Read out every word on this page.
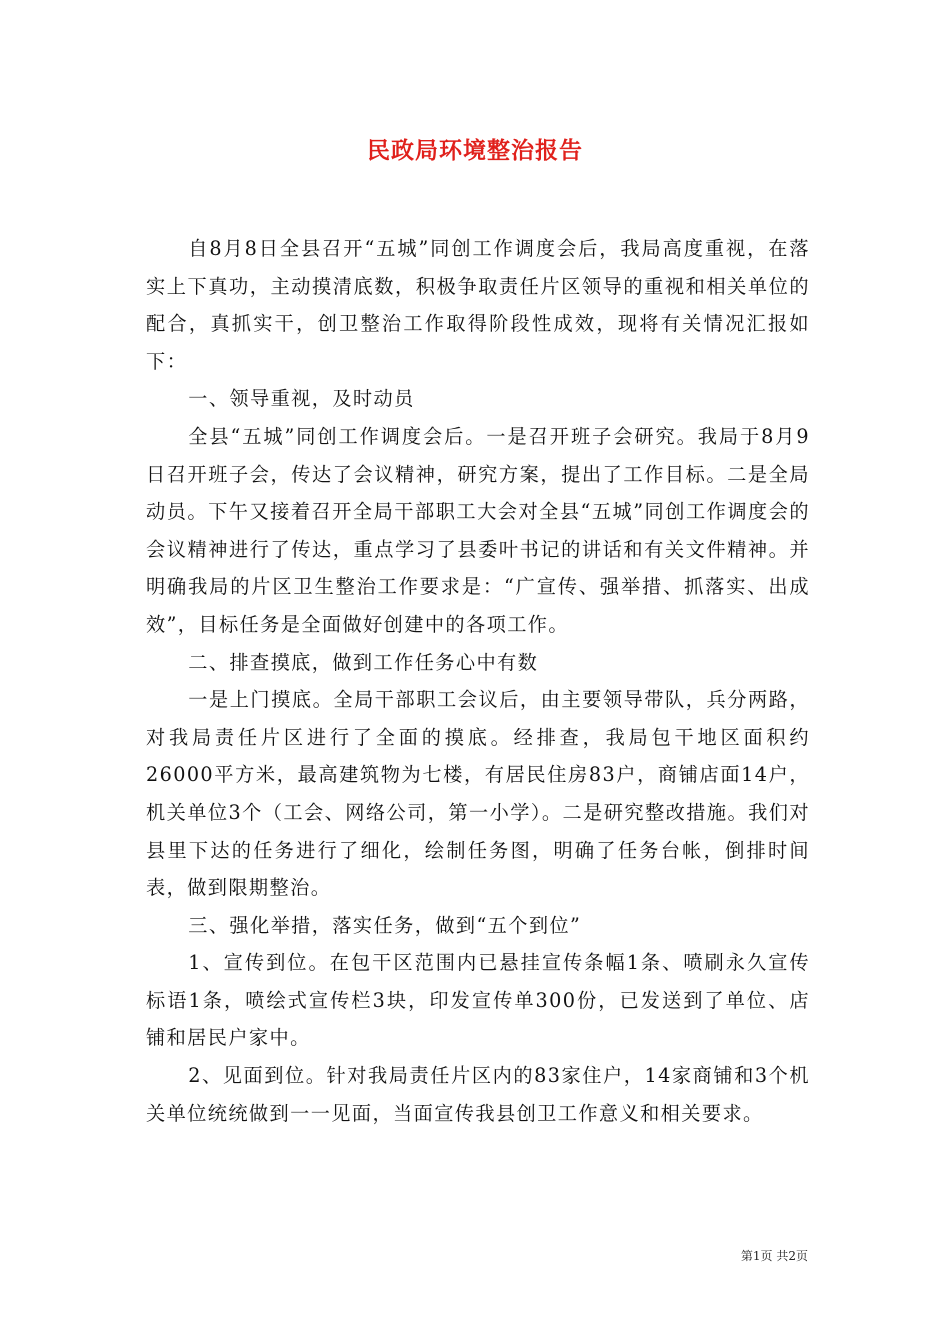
民政局环境整治报告

自8月8日全县召开“五城”同创工作调度会后，我局高度重视，在落实上下真功，主动摸清底数，积极争取责任片区领导的重视和相关单位的配合，真抓实干，创卫整治工作取得阶段性成效，现将有关情况汇报如下：

一、领导重视，及时动员

全县“五城”同创工作调度会后。一是召开班子会研究。我局于8月9日召开班子会，传达了会议精神，研究方案，提出了工作目标。二是全局动员。下午又接着召开全局干部职工大会对全县“五城”同创工作调度会的会议精神进行了传达，重点学习了县委叶书记的讲话和有关文件精神。并明确我局的片区卫生整治工作要求是：“广宣传、强举措、抓落实、出成效”，目标任务是全面做好创建中的各项工作。

二、排查摸底，做到工作任务心中有数

一是上门摸底。全局干部职工会议后，由主要领导带队，兵分两路，对我局责任片区进行了全面的摸底。经排查，我局包干地区面积约26000平方米，最高建筑物为七楼，有居民住房83户，商铺店面14户，机关单位3个（工会、网络公司，第一小学）。二是研究整改措施。我们对县里下达的任务进行了细化，绘制任务图，明确了任务台帐，倒排时间表，做到限期整治。

三、强化举措，落实任务，做到“五个到位”

1、宣传到位。在包干区范围内已悬挂宣传条幅1条、喷刷永久宣传标语1条，喷绘式宣传栏3块，印发宣传单300份，已发送到了单位、店铺和居民户家中。

2、见面到位。针对我局责任片区内的83家住户，14家商铺和3个机关单位统统做到一一见面，当面宣传我县创卫工作意义和相关要求。

第1页 共2页
